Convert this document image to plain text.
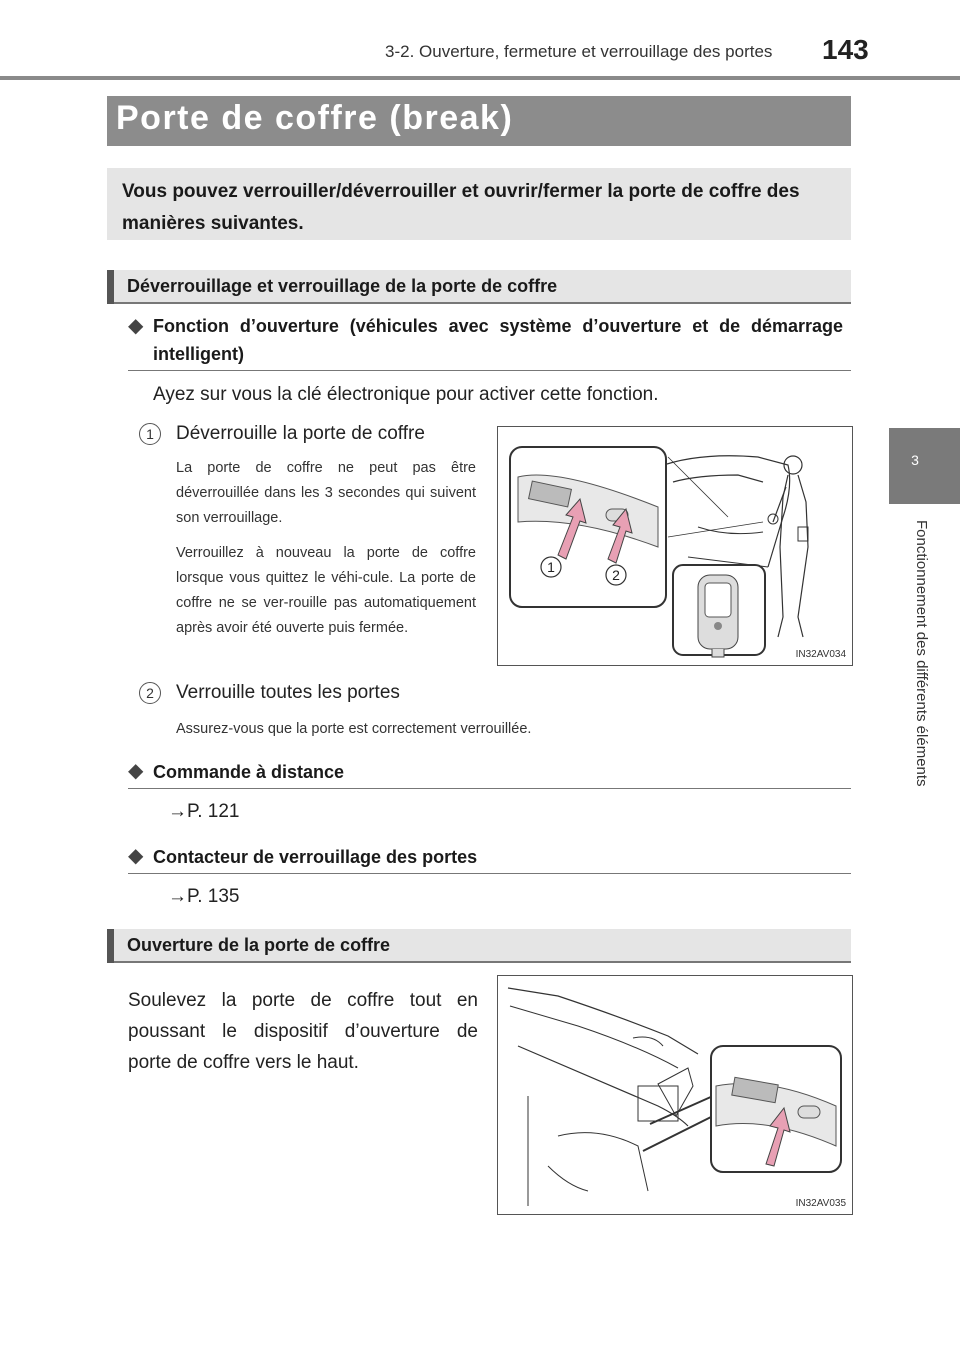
3-2. Ouverture, fermeture et verrouillage des portes 143
3
Fonctionnement des différents éléments
Porte de coffre (break)
Vous pouvez verrouiller/déverrouiller et ouvrir/fermer la porte de coffre des manières suivantes.
Déverrouillage et verrouillage de la porte de coffre
◆ Fonction d’ouverture (véhicules avec système d’ouverture et de démarrage intelligent)
Ayez sur vous la clé électronique pour activer cette fonction.
1	Déverrouille la porte de coffre
La porte de coffre ne peut pas être déverrouillée dans les 3 secondes qui suivent son verrouillage.
Verrouillez à nouveau la porte de coffre lorsque vous quittez le véhi-cule. La porte de coffre ne se ver-rouille pas automatiquement après avoir été ouverte puis fermée.
1	2
IN32AV034
2	Verrouille toutes les portes
Assurez-vous que la porte est correctement verrouillée.
◆ Commande à distance
→P. 121
◆ Contacteur de verrouillage des portes
→P. 135
Ouverture de la porte de coffre
Soulevez la porte de coffre tout en poussant le dispositif d’ouverture de porte de coffre vers le haut.
IN32AV035
